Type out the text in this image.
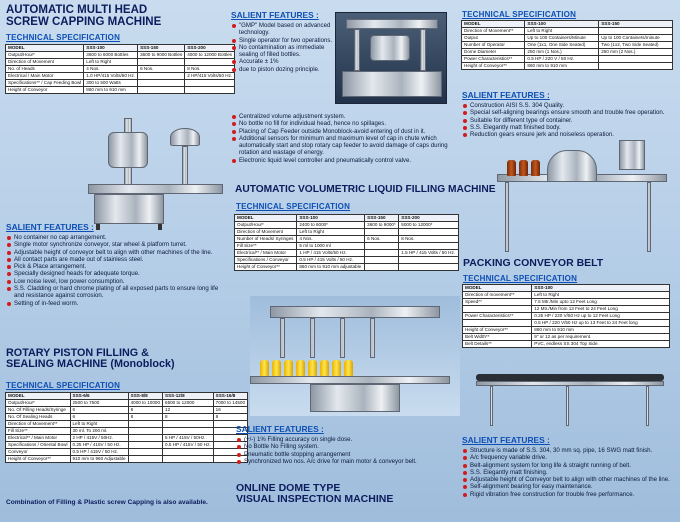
AUTOMATIC MULTI HEAD
SCREW CAPPING MACHINE
TECHNICAL SPECIFICATION
MODEL	SSS-100	SSS-150	SSS-200
Output/Hour*	3600 to 6000 Bottles	3600 to 9000 Bottles	4000 to 12000 Bottles
Direction of Movement	Left to Right		
No. of Heads	4 Nos.	6 Nos.	8 Nos.
Electrical / Main Motor	1.0 HP/415 Volts/50 Hz.		2 HP/415 Volts/50 Hz.
Specifications** / Cap Feeding Bowl	300 to 500 Watts		
Height of Conveyor	860 mm to 910 mm		
SALIENT FEATURES :
No container no cap arrangement.
Single motor synchronize conveyor, star wheel & platform turret.
Adjustable height of conveyor belt to align with other machines of the line.
All contact parts are made out of stainless steel.
Pick & Place arrangement.
Specially designed heads for adequate torque.
Low noise level, low power consumption.
S.S. Cladding or hard chrome plating of all exposed parts to ensure long life and resistance against corrosion.
Setting of in-feed worm.
ROTARY PISTON FILLING &
SEALING MACHINE (Monoblock)
TECHNICAL SPECIFICATION
MODEL	SSS-6/6	SSS-8/8	SSS-12/8	SSS-16/8
Output/Hour*	2500 to 7500	4000 to 10000	6500 to 12000	7000 to 14500
No. Of Filling Heads/Syringe	6	8	12	16
No. Of Sealing Heads	6	8	8	8
Direction of Movement**	Left to Right			
Fill Size**	30 ml. To 200 ml.			
Electrical** / Main Motor	2 HP / 415V / 50Hz.		5 HP / 415V / 50Hz.	
Specifications / Oriental Bowl	0.25 HP / 415V / 50 Hz.		0.5 HP / 415V / 50 Hz.	
Conveyor	0.5 HP / 415V / 50 Hz.			
Height of Conveyor**	910 mm to 960 Adjustable			
Combination of Filling & Plastic screw Capping is also available.
SALIENT FEATURES :
"GMP" Model based on advanced technology.
Single operator for two operations.
No contamination as immediate sealing of filled bottles.
Accurate ± 1%
due to piston dozing principle.
Centralized volume adjustment system.
No bottle no fill for individual head, hence no spillages.
Placing of Cap Feeder outside Monoblock-avoid entering of dust in it.
Additional sensors for minimum and maximum level of cap in chute which automatically start and stop rotary cap feeder to avoid damage of caps during rotation and wastage of energy.
Electronic liquid level controller and pneumatically control valve.
AUTOMATIC VOLUMETRIC LIQUID FILLING MACHINE
TECHNICAL SPECIFICATION
MODEL	SSS-100	SSS-150	SSS-200
Output/Hour*	2400 to 6000*	3600 to 9000*	5000 to 12000*
Direction of Movement	Left to Right		
Number of Heads/ Syringes	4 Nos.	6 Nos.	8 Nos.
Fill Size**	5 ml to 1000 ml		
Electrical** / Main Motor	1 HP / 415 Volts/50 Hz.		1.5 HP / 415 Volts / 50 Hz.
Specifications / Conveyor	0.5 HP / 415 Volts / 50 Hz.		
Height of Conveyor**	860 mm to 910 mm adjustable		
SALIENT FEATURES :
(+/-) 1% Filling accuracy on single dose.
No Bottle No Filling system.
Pneumatic bottle stopping arrangement
Synchronized two nos. A/c drive for main motor & conveyor belt.
ONLINE DOME TYPE
VISUAL INSPECTION MACHINE
TECHNICAL SPECIFICATION
MODEL	SSS-100	SSS-150
Direction of Movement**	Left to Right	
Output	Up to 100 Containers/Minute	Up to 100 Containers/minute
Number of Operator	One (1x1, One Side Seated)	Two (1x2, Two Side Seated)
Dome Diameter	250 mm (1 Nos.)	250 mm (2 Nos.)
Power Characteristics**	0.5 HP / 220 V / 50 Hz.	
Height of Conveyor**	860 mm to 910 mm	
SALIENT FEATURES :
Construction AISI S.S. 304 Quality.
Special self-aligning bearings ensure smooth and trouble free operation.
Suitable for different type of container.
S.S. Elegantly matt finished body.
Reduction gears ensure jerk and noiseless operation.
PACKING CONVEYOR BELT
TECHNICAL SPECIFICATION
MODEL	SSS-100
Direction of movement**	Left to Right
Speed**	7.5 Mtr./Min upto 12 Feet Long
	12 Mtr./Min from 13 Feet to 24 Feet Long
Power Characteristics**	0.25 HP / 220 V/50 Hz up to 12 Feet Long
	0.5 HP / 220 V/50 Hz up to 13 Feet to 24 Feet long
Height of Conveyor**	860 mm to 910 mm
Belt Width**	9" or 12 as per requirement.
Belt Details**	PVC, endless SS 304 Top Side.
SALIENT FEATURES :
Structure is made of S.S. 304, 30 mm sq. pipe, 16 SWG matt finish.
A/c frequency variable drive.
Belt-alignment system for long life & straight running of belt.
S.S. Elegantly matt finishing.
Adjustable height of Conveyor belt to align with other machines of the line.
Self-alignment bearing for easy maintenance.
Rigid vibration free construction for trouble free performance.
